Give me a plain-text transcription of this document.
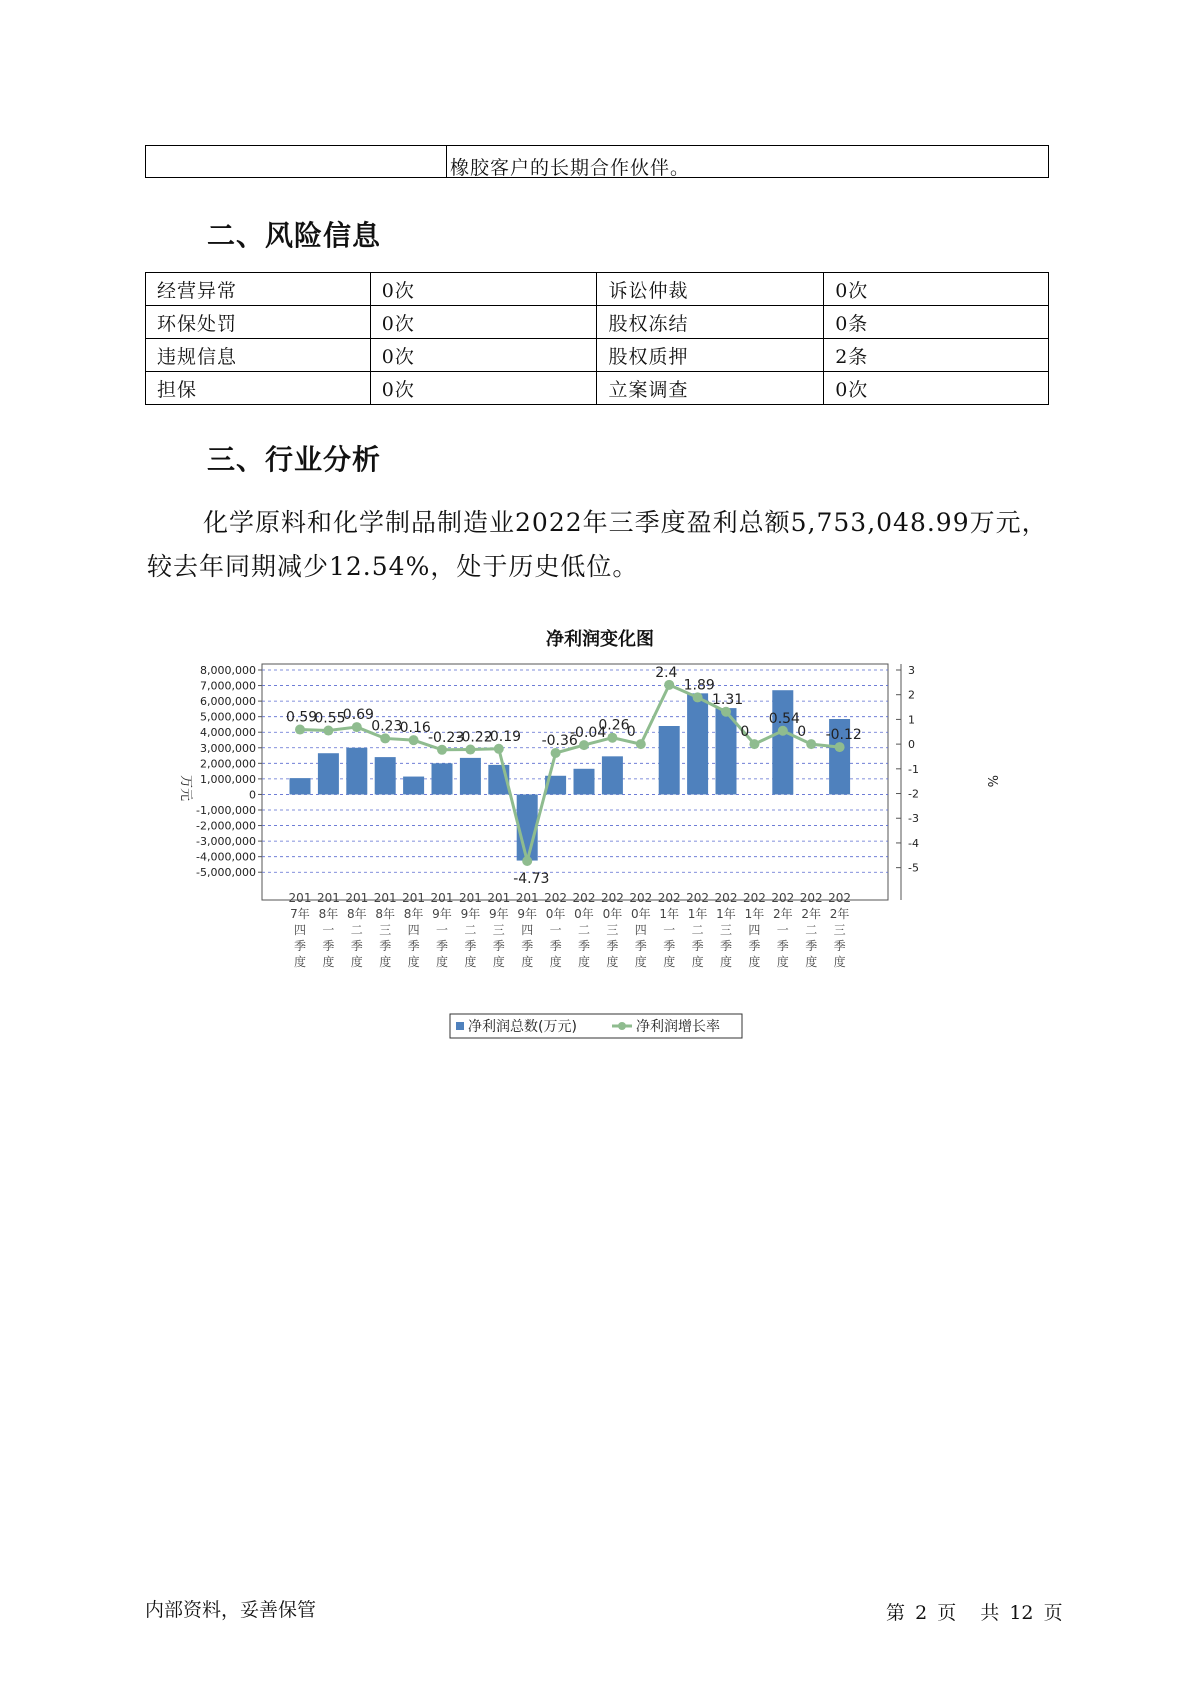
橡胶客户的长期合作伙伴。
二、风险信息
经营异常	0次	诉讼仲裁	0次
环保处罚	0次	股权冻结	0条
违规信息	0次	股权质押	2条
担保	0次	立案调查	0次
三、行业分析
化学原料和化学制品制造业2022年三季度盈利总额5,753,048.99万元，
较去年同期减少12.54%，处于历史低位。
净利润变化图
8,000,000
7,000,000
6,000,000
5,000,000
4,000,000
3,000,000
2,000,000
1,000,000
0
-1,000,000
-2,000,000
-3,000,000
-4,000,000
-5,000,000
3
2
1
0
-1
-2
-3
-4
-5
万元	%
0.59
0.55
0.69
0.23
0.16
-0.23
-0.22
-0.19
-4.73
-0.36
-0.04
0.26
0
2.4
1.89
1.31
0
0.54
0 -0.12
201
7年
四
季
度
201
8年
一
季
度
201
8年
二
季
度
201
8年
三
季
度
201
8年
四
季
度
201
9年
一
季
度
201
9年
二
季
度
201
9年
三
季
度
201
9年
四
季
度
202
0年
一
季
度
202
0年
二
季
度
202
0年
三
季
度
202
0年
四
季
度
202
1年
一
季
度
202
1年
二
季
度
202
1年
三
季
度
202
1年
四
季
度
202
2年
一
季
度
202
2年
二
季
度
202
2年
三
季
度
净利润总数(万元)	净利润增长率
内部资料，妥善保管	第 2 页 共 12 页
